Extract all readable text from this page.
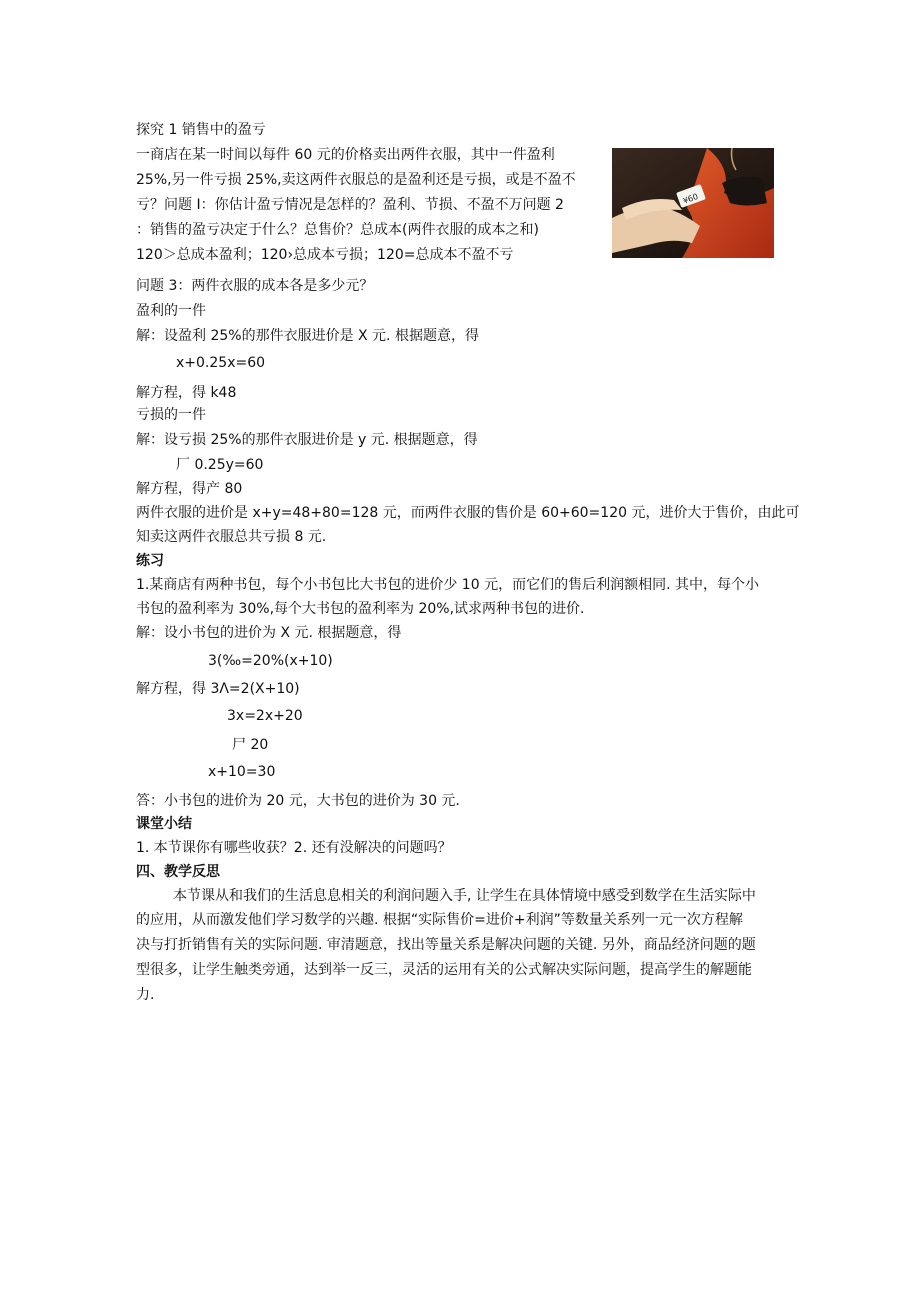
探究 1 销售中的盈亏
一商店在某一时间以每件 60 元的价格卖出两件衣服，其中一件盈利
25%,另一件亏损 25%,卖这两件衣服总的是盈利还是亏损，或是不盈不
亏？问题 I：你估计盈亏情况是怎样的？盈利、节损、不盈不万问题 2
：销售的盈亏决定于什么？总售价？总成本(两件衣服的成本之和)
120＞总成本盈利；120›总成本亏损；120=总成本不盈不亏
¥60
问题 3：两件衣服的成本各是多少元？
盈利的一件
解：设盈利 25%的那件衣服进价是 X 元. 根据题意，得
x+0.25x=60
解方程，得 k48
亏损的一件
解：设亏损 25%的那件衣服进价是 y 元. 根据题意，得
厂 0.25y=60
解方程，得产 80
两件衣服的进价是 x+y=48+80=128 元，而两件衣服的售价是 60+60=120 元，进价大于售价，由此可
知卖这两件衣服总共亏损 8 元.
练习
1.某商店有两种书包，每个小书包比大书包的进价少 10 元，而它们的售后利润额相同. 其中，每个小
书包的盈利率为 30%,每个大书包的盈利率为 20%,试求两种书包的进价.
解：设小书包的进价为 X 元. 根据题意，得
3(‰=20%(x+10)
解方程，得 3Λ=2(X+10)
3x=2x+20
尸 20
x+10=30
答：小书包的进价为 20 元，大书包的进价为 30 元.
课堂小结
1. 本节课你有哪些收获？2. 还有没解决的问题吗？
四、教学反思
本节课从和我们的生活息息相关的利润问题入手, 让学生在具体情境中感受到数学在生活实际中
的应用，从而激发他们学习数学的兴趣. 根据“实际售价=进价+利润”等数量关系列一元一次方程解
决与打折销售有关的实际问题. 审清题意，找出等量关系是解决问题的关键. 另外，商品经济问题的题
型很多，让学生触类旁通，达到举一反三，灵活的运用有关的公式解决实际问题，提高学生的解题能
力.
